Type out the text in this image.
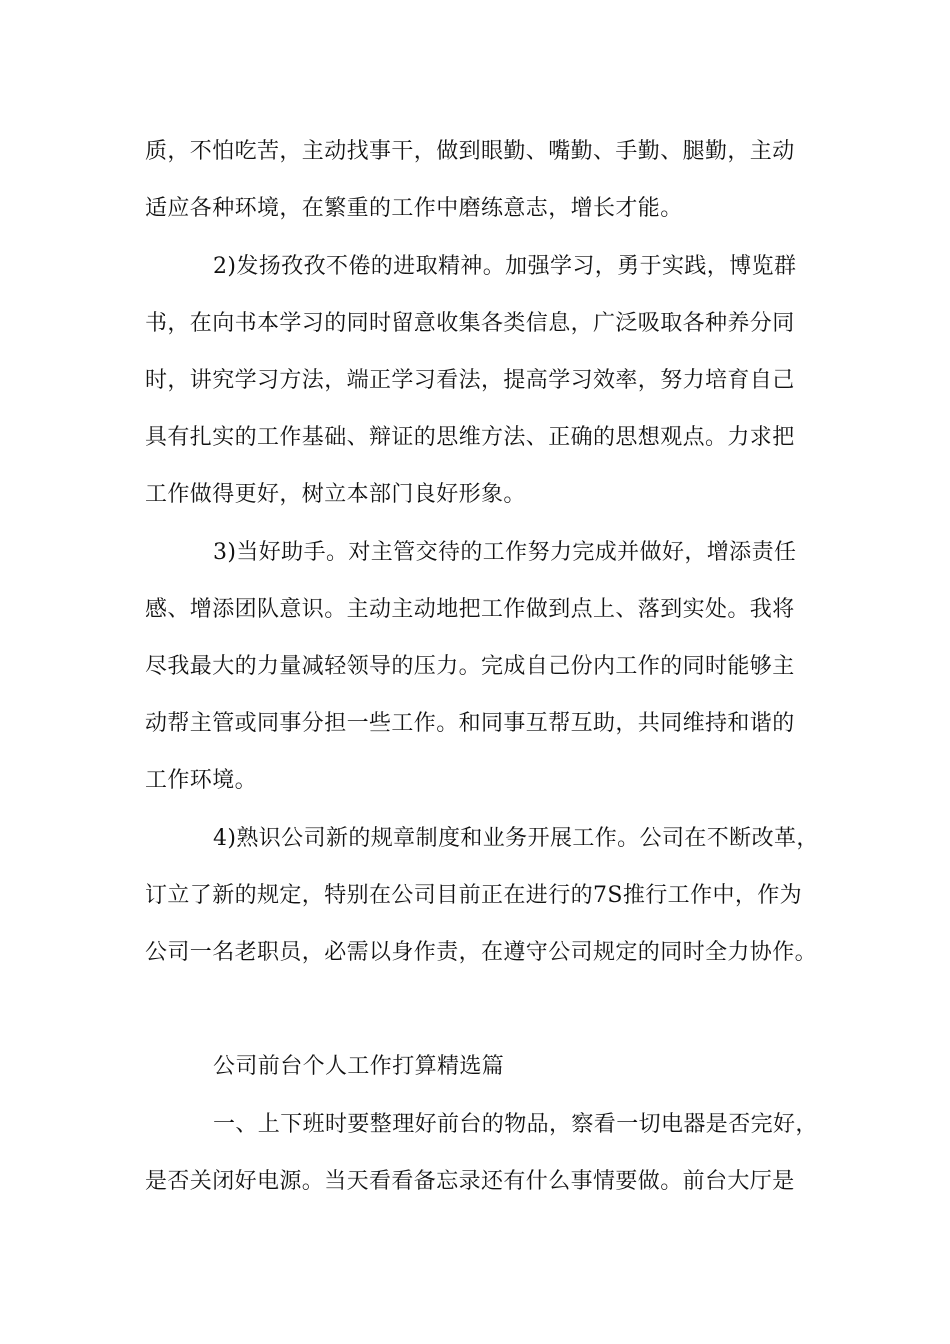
质，不怕吃苦，主动找事干，做到眼勤、嘴勤、手勤、腿勤，主动
适应各种环境，在繁重的工作中磨练意志，增长才能。
2)发扬孜孜不倦的进取精神。加强学习，勇于实践，博览群
书，在向书本学习的同时留意收集各类信息，广泛吸取各种养分同
时，讲究学习方法，端正学习看法，提高学习效率，努力培育自己
具有扎实的工作基础、辩证的思维方法、正确的思想观点。力求把
工作做得更好，树立本部门良好形象。
3)当好助手。对主管交待的工作努力完成并做好，增添责任
感、增添团队意识。主动主动地把工作做到点上、落到实处。我将
尽我最大的力量减轻领导的压力。完成自己份内工作的同时能够主
动帮主管或同事分担一些工作。和同事互帮互助，共同维持和谐的
工作环境。
4)熟识公司新的规章制度和业务开展工作。公司在不断改革，
订立了新的规定，特别在公司目前正在进行的7S推行工作中，作为
公司一名老职员，必需以身作责，在遵守公司规定的同时全力协作。
公司前台个人工作打算精选篇
一、上下班时要整理好前台的物品，察看一切电器是否完好，
是否关闭好电源。当天看看备忘录还有什么事情要做。前台大厅是
